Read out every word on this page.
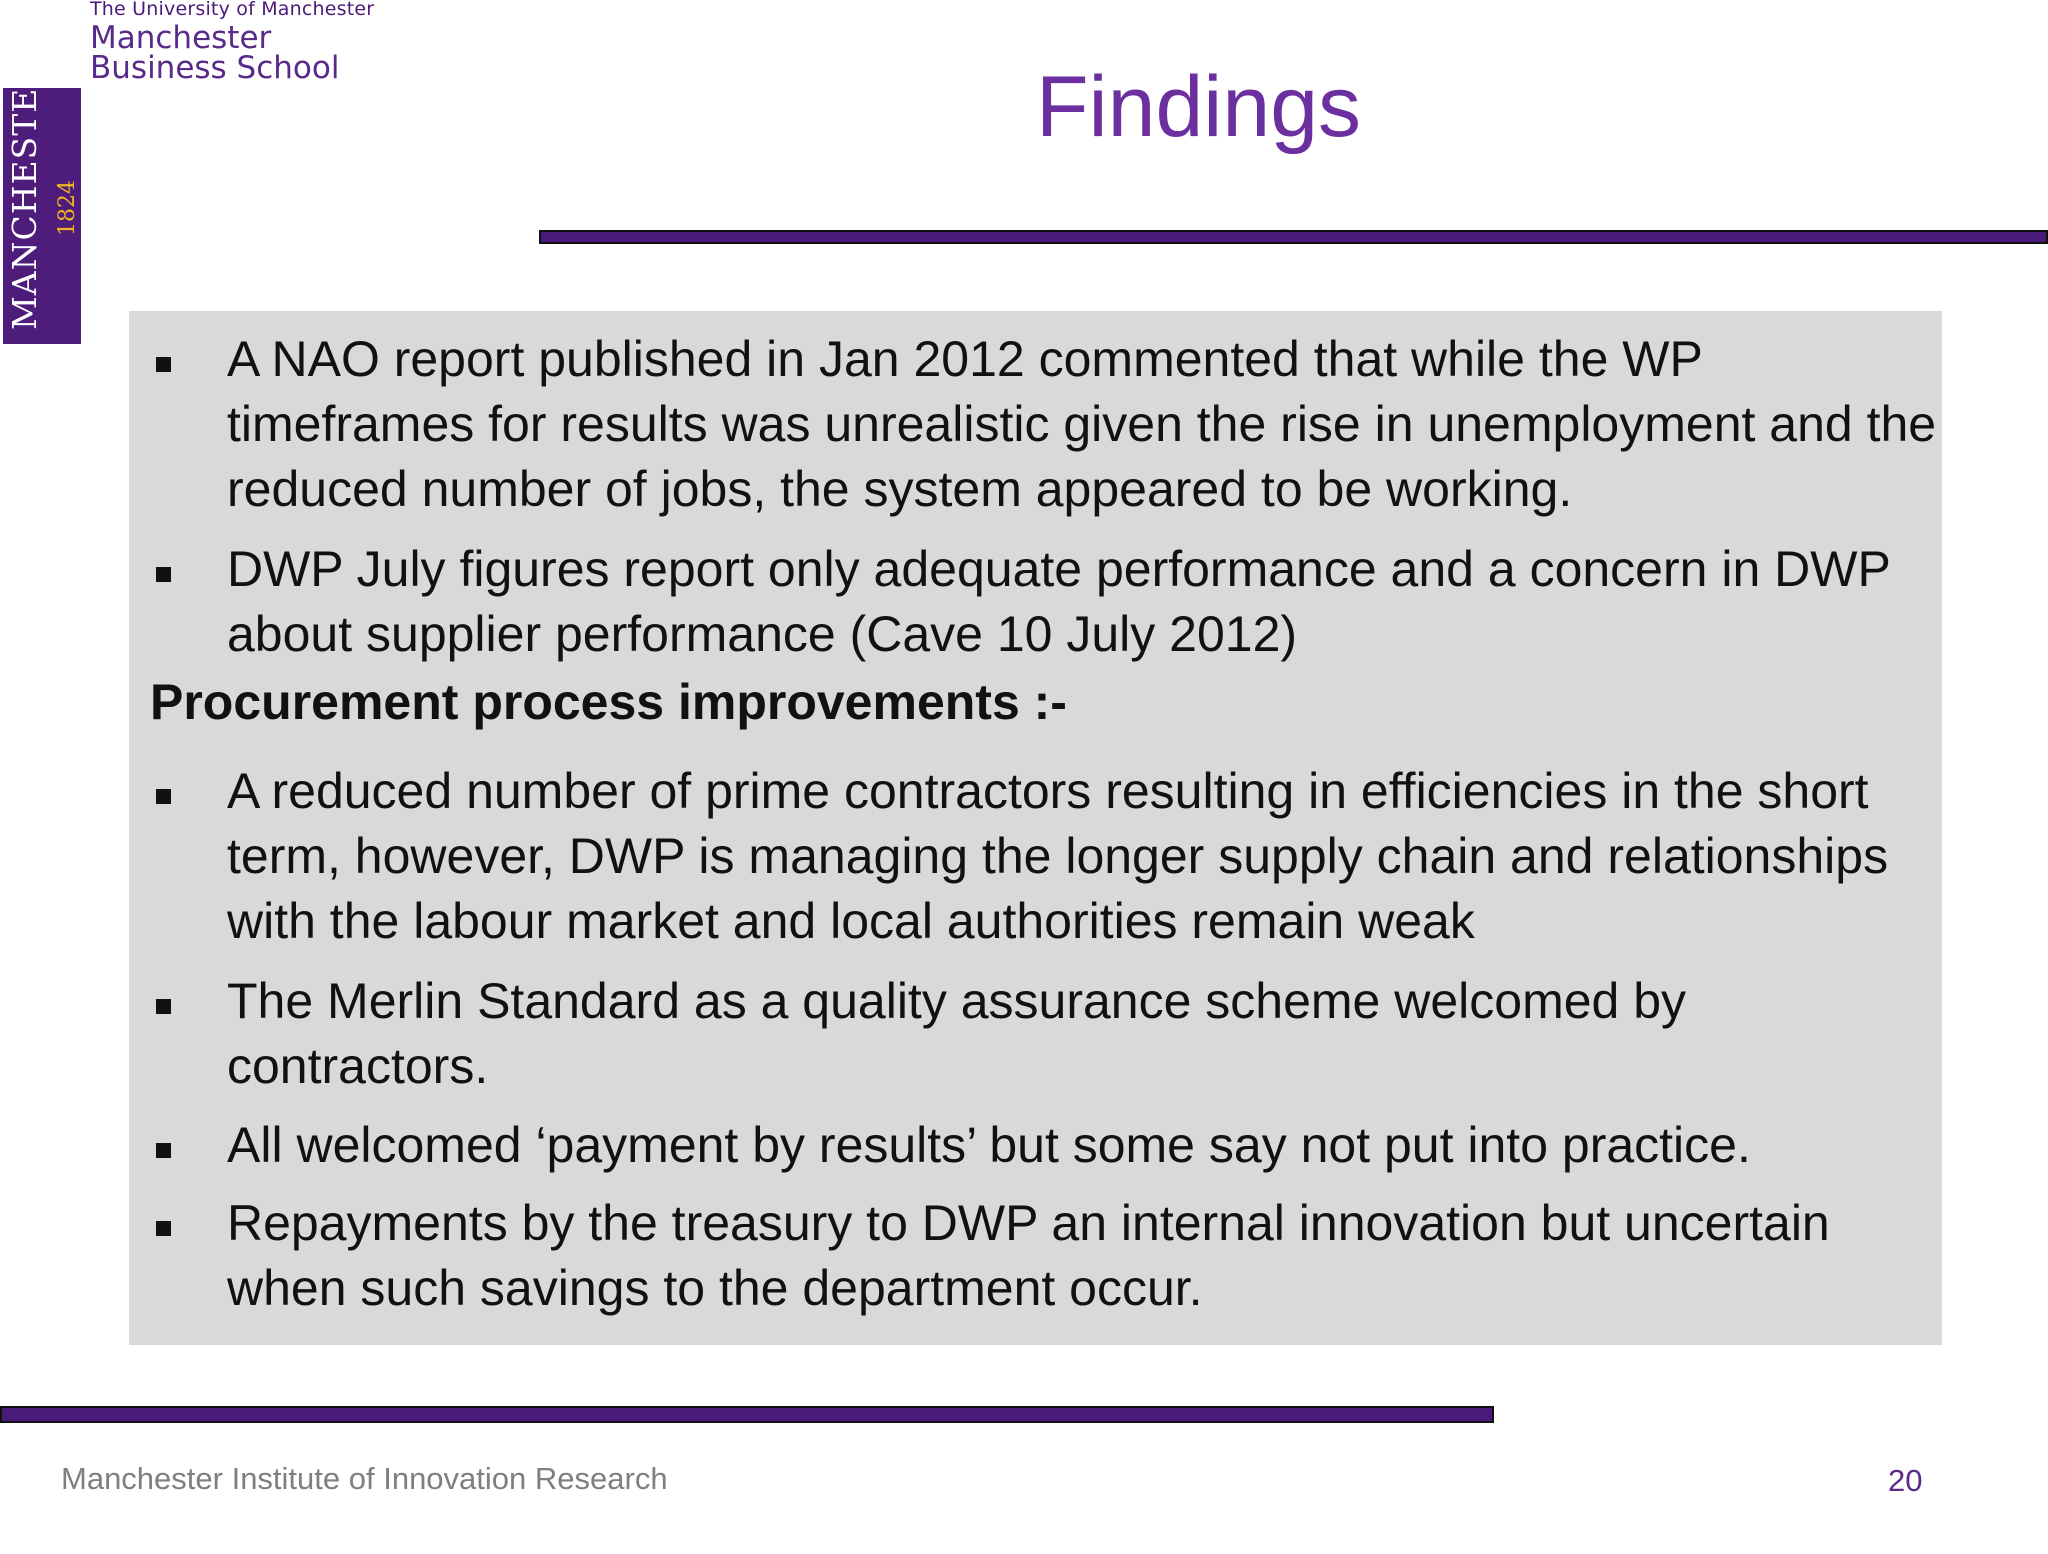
The University of Manchester
Manchester
Business School
MANCHESTER 1824
Findings

A NAO report published in Jan 2012 commented that while the WP timeframes for results was unrealistic given the rise in unemployment and the reduced number of jobs, the system appeared to be working.

DWP July figures report only adequate performance and a concern in DWP about supplier performance (Cave 10 July 2012)

Procurement process improvements :-

A reduced number of prime contractors resulting in efficiencies in the short term, however, DWP is managing the longer supply chain and relationships with the labour market and local authorities remain weak

The Merlin Standard as a quality assurance scheme welcomed by contractors.

All welcomed ‘payment by results’ but some say not put into practice.

Repayments by the treasury to DWP an internal innovation but uncertain when such savings to the department occur.

Manchester Institute of Innovation Research	20
